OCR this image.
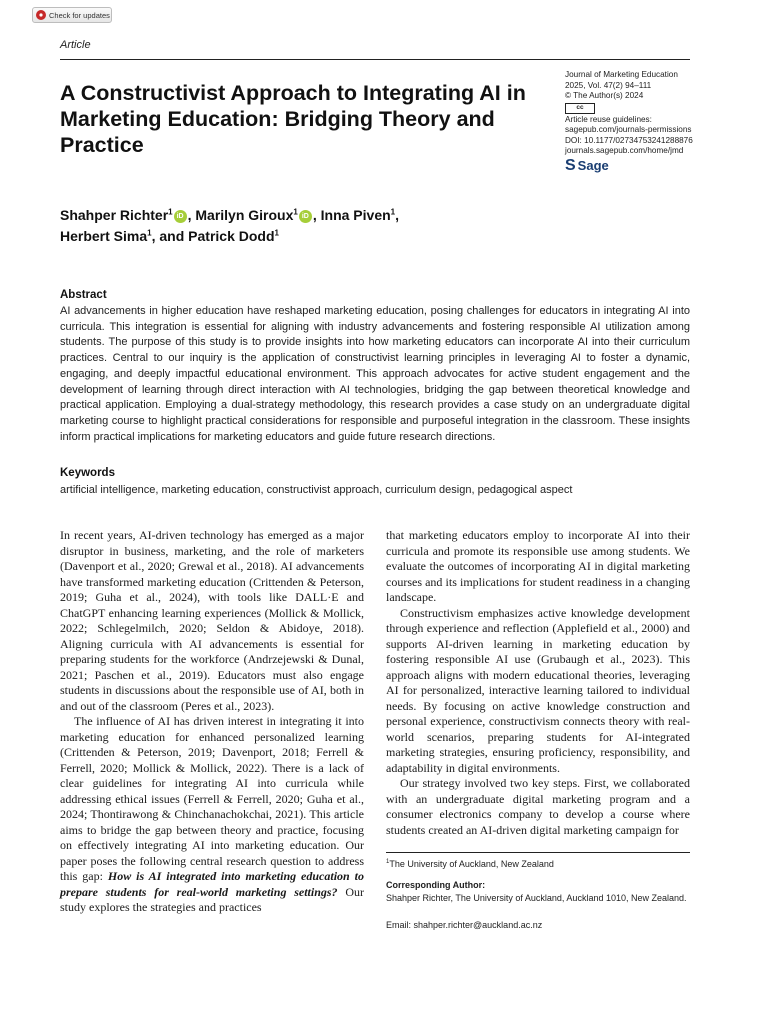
Check for updates
Article
A Constructivist Approach to Integrating AI in Marketing Education: Bridging Theory and Practice
Journal of Marketing Education
2025, Vol. 47(2) 94–111
© The Author(s) 2024
cc
Article reuse guidelines:
sagepub.com/journals-permissions
DOI: 10.1177/02734753241288876
journals.sagepub.com/home/jmd
S Sage
Shahper Richter$^1$ iD , Marilyn Giroux$^1$ iD , Inna Piven$^1$,
Herbert Sima$^1$, and Patrick Dodd$^1$
Abstract
AI advancements in higher education have reshaped marketing education, posing challenges for educators in integrating AI into curricula. This integration is essential for aligning with industry advancements and fostering responsible AI utilization among students. The purpose of this study is to provide insights into how marketing educators can incorporate AI into their curriculum practices. Central to our inquiry is the application of constructivist learning principles in leveraging AI to foster a dynamic, engaging, and deeply impactful educational environment. This approach advocates for active student engagement and the development of learning through direct interaction with AI technologies, bridging the gap between theoretical knowledge and practical application. Employing a dual-strategy methodology, this research provides a case study on an undergraduate digital marketing course to highlight practical considerations for responsible and purposeful integration in the classroom. These insights inform practical implications for marketing educators and guide future research directions.
Keywords
artificial intelligence, marketing education, constructivist approach, curriculum design, pedagogical aspect

In recent years, AI-driven technology has emerged as a major disruptor in business, marketing, and the role of marketers (Davenport et al., 2020; Grewal et al., 2018). AI advancements have transformed marketing education (Crittenden & Peterson, 2019; Guha et al., 2024), with tools like DALL·E and ChatGPT enhancing learning experiences (Mollick & Mollick, 2022; Schlegelmilch, 2020; Seldon & Abidoye, 2018). Aligning curricula with AI advancements is essential for preparing students for the workforce (Andrzejewski & Dunal, 2021; Paschen et al., 2019). Educators must also engage students in discussions about the responsible use of AI, both in and out of the classroom (Peres et al., 2023).

The influence of AI has driven interest in integrating it into marketing education for enhanced personalized learning (Crittenden & Peterson, 2019; Davenport, 2018; Ferrell & Ferrell, 2020; Mollick & Mollick, 2022). There is a lack of clear guidelines for integrating AI into curricula while addressing ethical issues (Ferrell & Ferrell, 2020; Guha et al., 2024; Thontirawong & Chinchanachokchai, 2021). This article aims to bridge the gap between theory and practice, focusing on effectively integrating AI into marketing education. Our paper poses the following central research question to address this gap: How is AI integrated into marketing education to prepare students for real-world marketing settings? Our study explores the strategies and practices

that marketing educators employ to incorporate AI into their curricula and promote its responsible use among students. We evaluate the outcomes of incorporating AI in digital marketing courses and its implications for student readiness in a changing landscape.

Constructivism emphasizes active knowledge development through experience and reflection (Applefield et al., 2000) and supports AI-driven learning in marketing education by fostering responsible AI use (Grubaugh et al., 2023). This approach aligns with modern educational theories, leveraging AI for personalized, interactive learning tailored to individual needs. By focusing on active knowledge construction and personal experience, constructivism connects theory with real-world scenarios, preparing students for AI-integrated marketing strategies, ensuring proficiency, responsibility, and adaptability in digital environments.

Our strategy involved two key steps. First, we collaborated with an undergraduate digital marketing program and a consumer electronics company to develop a course where students created an AI-driven digital marketing campaign for

$^1$The University of Auckland, New Zealand
Corresponding Author:
Shahper Richter, The University of Auckland, Auckland 1010, New Zealand.
Email: shahper.richter@auckland.ac.nz
